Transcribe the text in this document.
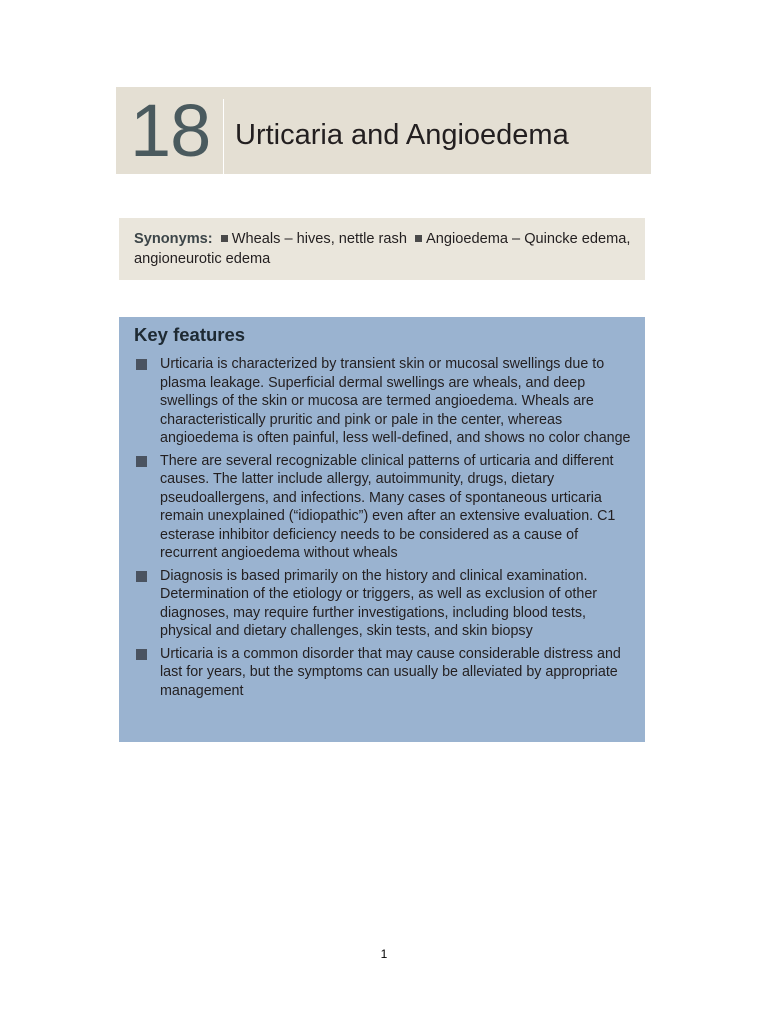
18 Urticaria and Angioedema
Synonyms: Wheals – hives, nettle rash Angioedema – Quincke edema, angioneurotic edema
Key features
Urticaria is characterized by transient skin or mucosal swellings due to plasma leakage. Superficial dermal swellings are wheals, and deep swellings of the skin or mucosa are termed angioedema. Wheals are characteristically pruritic and pink or pale in the center, whereas angioedema is often painful, less well-defined, and shows no color change
There are several recognizable clinical patterns of urticaria and different causes. The latter include allergy, autoimmunity, drugs, dietary pseudoallergens, and infections. Many cases of spontaneous urticaria remain unexplained (“idiopathic”) even after an extensive evaluation. C1 esterase inhibitor deficiency needs to be considered as a cause of recurrent angioedema without wheals
Diagnosis is based primarily on the history and clinical examination. Determination of the etiology or triggers, as well as exclusion of other diagnoses, may require further investigations, including blood tests, physical and dietary challenges, skin tests, and skin biopsy
Urticaria is a common disorder that may cause considerable distress and last for years, but the symptoms can usually be alleviated by appropriate management
1
